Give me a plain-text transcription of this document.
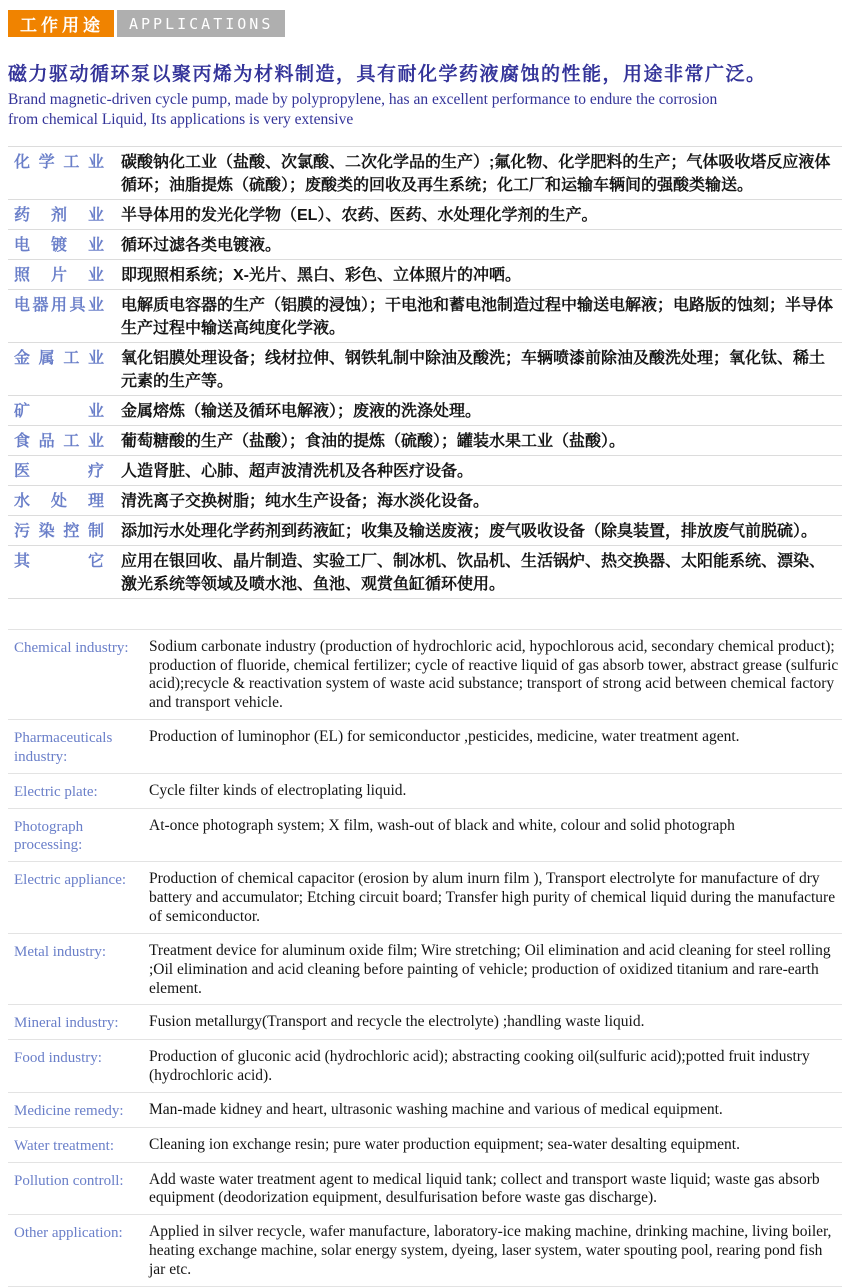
工作用途	APPLICATIONS
磁力驱动循环泵以聚丙烯为材料制造，具有耐化学药液腐蚀的性能，用途非常广泛。
Brand magnetic-driven cycle pump, made by polypropylene, has an excellent performance to endure the corrosion
from chemical Liquid, Its applications is very extensive
化学工业 碳酸钠化工业（盐酸、次氯酸、二次化学品的生产）;氟化物、化学肥料的生产；气体吸收塔反应液体循环；油脂提炼（硫酸）；废酸类的回收及再生系统；化工厂和运输车辆间的强酸类输送。
药剂业 半导体用的发光化学物（EL）、农药、医药、水处理化学剂的生产。
电镀业 循环过滤各类电镀液。
照片业 即现照相系统；X-光片、黑白、彩色、立体照片的冲哂。
电器用具业 电解质电容器的生产（铝膜的浸蚀）；干电池和蓄电池制造过程中输送电解液；电路版的蚀刻；半导体生产过程中输送高纯度化学液。
金属工业 氧化铝膜处理设备；线材拉伸、钢铁轧制中除油及酸洗；车辆喷漆前除油及酸洗处理；氧化钛、稀土元素的生产等。
矿业 金属熔炼（输送及循环电解液）；废液的洗涤处理。
食品工业 葡萄糖酸的生产（盐酸）；食油的提炼（硫酸）；罐装水果工业（盐酸）。
医疗 人造肾脏、心肺、超声波清洗机及各种医疗设备。
水处理 清洗离子交换树脂；纯水生产设备；海水淡化设备。
污染控制 添加污水处理化学药剂到药液缸；收集及输送废液；废气吸收设备（除臭装置，排放废气前脱硫）。
其它 应用在银回收、晶片制造、实验工厂、制冰机、饮品机、生活锅炉、热交换器、太阳能系统、漂染、激光系统等领域及喷水池、鱼池、观赏鱼缸循环使用。
Chemical industry:	Sodium carbonate industry (production of hydrochloric acid, hypochlorous acid, secondary chemical product); production of fluoride, chemical fertilizer; cycle of reactive liquid of gas absorb tower, abstract grease (sulfuric acid);recycle & reactivation system of waste acid substance; transport of strong acid between chemical factory and transport vehicle.
Pharmaceuticals industry:
Production of luminophor (EL) for semiconductor ,pesticides, medicine, water treatment agent.
Electric plate:	Cycle filter kinds of electroplating liquid.
Photograph processing:
At-once photograph system; X film, wash-out of black and white, colour and solid photograph
Electric appliance:	Production of chemical capacitor (erosion by alum inurn film ), Transport electrolyte for manufacture of dry battery and accumulator; Etching circuit board; Transfer high purity of chemical liquid during the manufacture of semiconductor.
Metal industry:	Treatment device for aluminum oxide film; Wire stretching; Oil elimination and acid cleaning for steel rolling ;Oil elimination and acid cleaning before painting of vehicle; production of oxidized titanium and rare-earth element.
Mineral industry:	Fusion metallurgy(Transport and recycle the electrolyte) ;handling waste liquid.
Food industry:	Production of gluconic acid (hydrochloric acid); abstracting cooking oil(sulfuric acid);potted fruit industry (hydrochloric acid).
Medicine remedy:	Man-made kidney and heart, ultrasonic washing machine and various of medical equipment.
Water treatment:	Cleaning ion exchange resin; pure water production equipment; sea-water desalting equipment.
Pollution controll:	Add waste water treatment agent to medical liquid tank; collect and transport waste liquid; waste gas absorb equipment (deodorization equipment, desulfurisation before waste gas discharge).
Other application:	Applied in silver recycle, wafer manufacture, laboratory-ice making machine, drinking machine, living boiler, heating exchange machine, solar energy system, dyeing, laser system, water spouting pool, rearing pond fish jar etc.
